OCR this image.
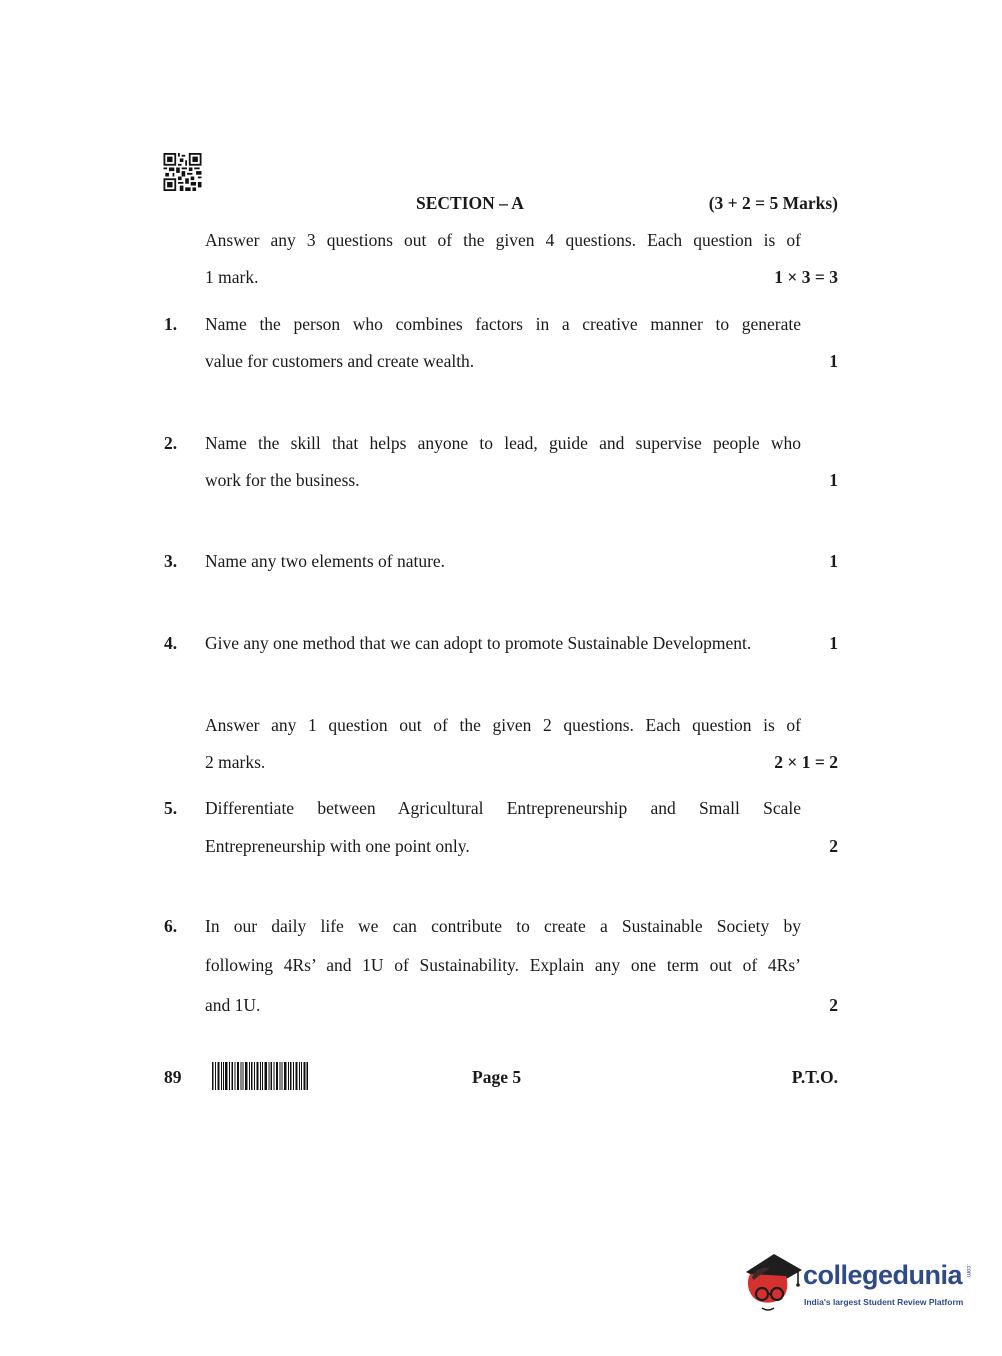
SECTION – A	(3 + 2 = 5 Marks)
Answer any 3 questions out of the given 4 questions. Each question is of
1 mark.	1 × 3 = 3
1. Name the person who combines factors in a creative manner to generate
value for customers and create wealth.	1
2. Name the skill that helps anyone to lead, guide and supervise people who
work for the business.	1
3. Name any two elements of nature.	1
4. Give any one method that we can adopt to promote Sustainable Development.	1
Answer any 1 question out of the given 2 questions. Each question is of
2 marks.	2 × 1 = 2
5. Differentiate between Agricultural Entrepreneurship and Small Scale
Entrepreneurship with one point only.	2
6. In our daily life we can contribute to create a Sustainable Society by
following 4Rs’ and 1U of Sustainability. Explain any one term out of 4Rs’
and 1U.	2
89	Page 5	P.T.O.
collegedunia .com
India's largest Student Review Platform
